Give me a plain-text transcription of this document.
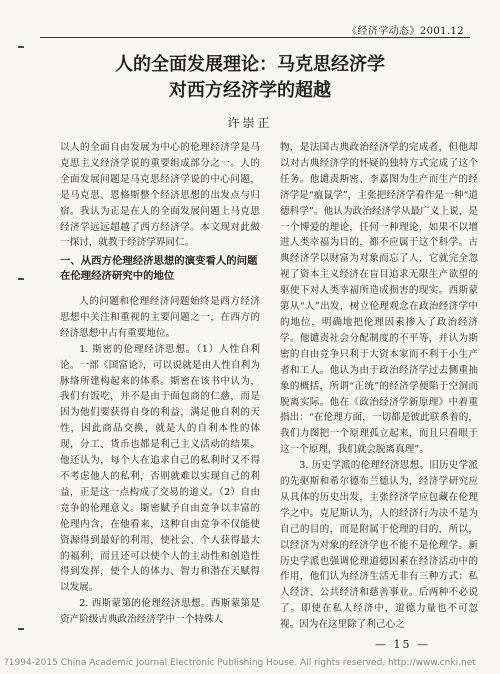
《经济学动态》2001.12
人的全面发展理论：马克思经济学
对西方经济学的超越
许崇正

以人的全面自由发展为中心的伦理经济学是马克思主义经济学说的重要组成部分之一。人的全面发展问题是马克思经济学说的中心问题，是马克思、恩格斯整个经济思想的出发点与归宿。我认为正是在人的全面发展问题上马克思经济学远远超越了西方经济学。本文现对此做一探讨，就教于经济学界同仁。

一、从西方伦理经济思想的演变看人的问题在伦理经济研究中的地位

人的问题和伦理经济问题始终是西方经济思想中关注和重视的主要问题之一，在西方的经济思想中占有重要地位。

1. 斯密的伦理经济思想。（1）人性自利论。一部《国富论》，可以说就是由人性自利为脉络所建构起来的体系。斯密在该书中认为，我们有饭吃，并不是由于面包商的仁慈，而是因为他们要获得自身的利益，满足他自利的天性，因此商品交换，就是人的自利本性的体现，分工、货币也都是利己主义活动的结果。他还认为，每个人在追求自己的私利时又不得不考虑他人的私利，否则就难以实现自己的利益，正是这一点构成了交易的道义。（2）自由竞争的伦理意义。斯密赋予自由竞争以丰富的伦理内含，在他看来，这种自由竞争不仅能使资源得到最好的利用，使社会、个人获得最大的福利，而且还可以使个人的主动性和创造性得到发挥，使个人的体力、智力和潜在天赋得以发展。

2. 西斯蒙第的伦理经济思想。西斯蒙第是资产阶级古典政治经济学中一个特殊人

物，是法国古典政治经济学的完成者，但他却以对古典经济学的怀疑的独特方式完成了这个任务。他谴责斯密、李嘉图为生产而生产的经济学是“瘟鼠学”，主张把经济学看作是一种“道德科学”。他认为政治经济学从最广义上说，是一个博爱的理论，任何一种理论，如果不以增进人类幸福为目的，都不应属于这个科学。古典经济学以财富为对象而忘了人，它就完全忽视了资本主义经济在盲目追求无限生产欲望的驱使下对人类幸福所造成损害的现实。西斯蒙第从“人”出发，树立伦理观念在政治经济学中的地位，明确地把伦理因素掺入了政治经济学。他谴责社会分配制度的不平等，并认为斯密的自由竞争只利于大资本家而不利于小生产者和工人。他认为由于政治经济学过去侧重抽象的概括，所谓“正统”的经济学便陷于空洞而脱离实际。他在《政治经济学新原理》中着重指出：“在伦理方面，一切都是彼此联系着的，我们力图把一个原理孤立起来，而且只看眼于这一个原理，我们就会脱离真理”。

3. 历史学派的伦理经济思想。旧历史学派的先驱斯和希尔德布兰德认为，经济学研究应从具体的历史出发，主张经济学应包藏在伦理学之中。克尼斯认为，人的经济行为决不是为自己的目的，而是附属于伦理的目的，所以，以经济为对象的经济学也不能不是伦理学。新历史学派也强调伦理道德因素在经济活动中的作用，他们认为经济生活无非有三种方式：私人经济、公共经济和慈善事业。后两种不必说了。即使在私人经济中，道德力量也不可忽视。因为在这里除了利己心之

— 15 —
?1994-2015 China Academic Journal Electronic Publishing House. All rights reserved. http://www.cnki.net
